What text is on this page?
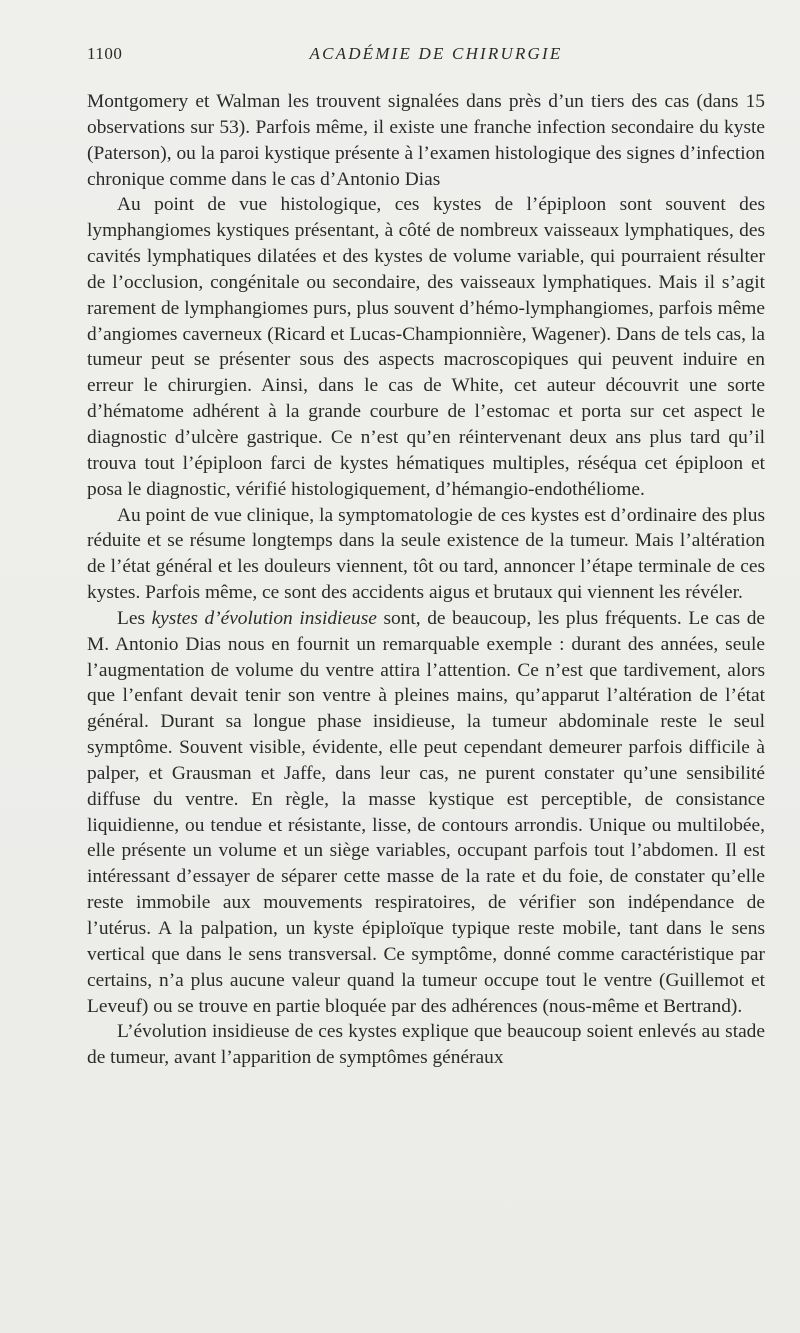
1100	ACADÉMIE DE CHIRURGIE

Montgomery et Walman les trouvent signalées dans près d’un tiers des cas (dans 15 observations sur 53). Parfois même, il existe une franche infection secondaire du kyste (Paterson), ou la paroi kystique présente à l’examen histologique des signes d’infection chronique comme dans le cas d’Antonio Dias

Au point de vue histologique, ces kystes de l’épiploon sont souvent des lymphangiomes kystiques présentant, à côté de nombreux vaisseaux lymphatiques, des cavités lymphatiques dilatées et des kystes de volume variable, qui pourraient résulter de l’occlusion, congénitale ou secondaire, des vaisseaux lymphatiques. Mais il s’agit rarement de lymphangiomes purs, plus souvent d’hémo-lymphangiomes, parfois même d’angiomes caverneux (Ricard et Lucas-Championnière, Wagener). Dans de tels cas, la tumeur peut se présenter sous des aspects macroscopiques qui peuvent induire en erreur le chirurgien. Ainsi, dans le cas de White, cet auteur découvrit une sorte d’hématome adhérent à la grande courbure de l’estomac et porta sur cet aspect le diagnostic d’ulcère gastrique. Ce n’est qu’en réintervenant deux ans plus tard qu’il trouva tout l’épiploon farci de kystes hématiques multiples, réséqua cet épiploon et posa le diagnostic, vérifié histologiquement, d’hémangio-endothéliome.

Au point de vue clinique, la symptomatologie de ces kystes est d’ordinaire des plus réduite et se résume longtemps dans la seule existence de la tumeur. Mais l’altération de l’état général et les douleurs viennent, tôt ou tard, annoncer l’étape terminale de ces kystes. Parfois même, ce sont des accidents aigus et brutaux qui viennent les révéler.

Les kystes d’évolution insidieuse sont, de beaucoup, les plus fréquents. Le cas de M. Antonio Dias nous en fournit un remarquable exemple : durant des années, seule l’augmentation de volume du ventre attira l’attention. Ce n’est que tardivement, alors que l’enfant devait tenir son ventre à pleines mains, qu’apparut l’altération de l’état général. Durant sa longue phase insidieuse, la tumeur abdominale reste le seul symptôme. Souvent visible, évidente, elle peut cependant demeurer parfois difficile à palper, et Grausman et Jaffe, dans leur cas, ne purent constater qu’une sensibilité diffuse du ventre. En règle, la masse kystique est perceptible, de consistance liquidienne, ou tendue et résistante, lisse, de contours arrondis. Unique ou multilobée, elle présente un volume et un siège variables, occupant parfois tout l’abdomen. Il est intéressant d’essayer de séparer cette masse de la rate et du foie, de constater qu’elle reste immobile aux mouvements respiratoires, de vérifier son indépendance de l’utérus. A la palpation, un kyste épiploïque typique reste mobile, tant dans le sens vertical que dans le sens transversal. Ce symptôme, donné comme caractéristique par certains, n’a plus aucune valeur quand la tumeur occupe tout le ventre (Guillemot et Leveuf) ou se trouve en partie bloquée par des adhérences (nous-même et Bertrand).

L’évolution insidieuse de ces kystes explique que beaucoup soient enlevés au stade de tumeur, avant l’apparition de symptômes généraux
